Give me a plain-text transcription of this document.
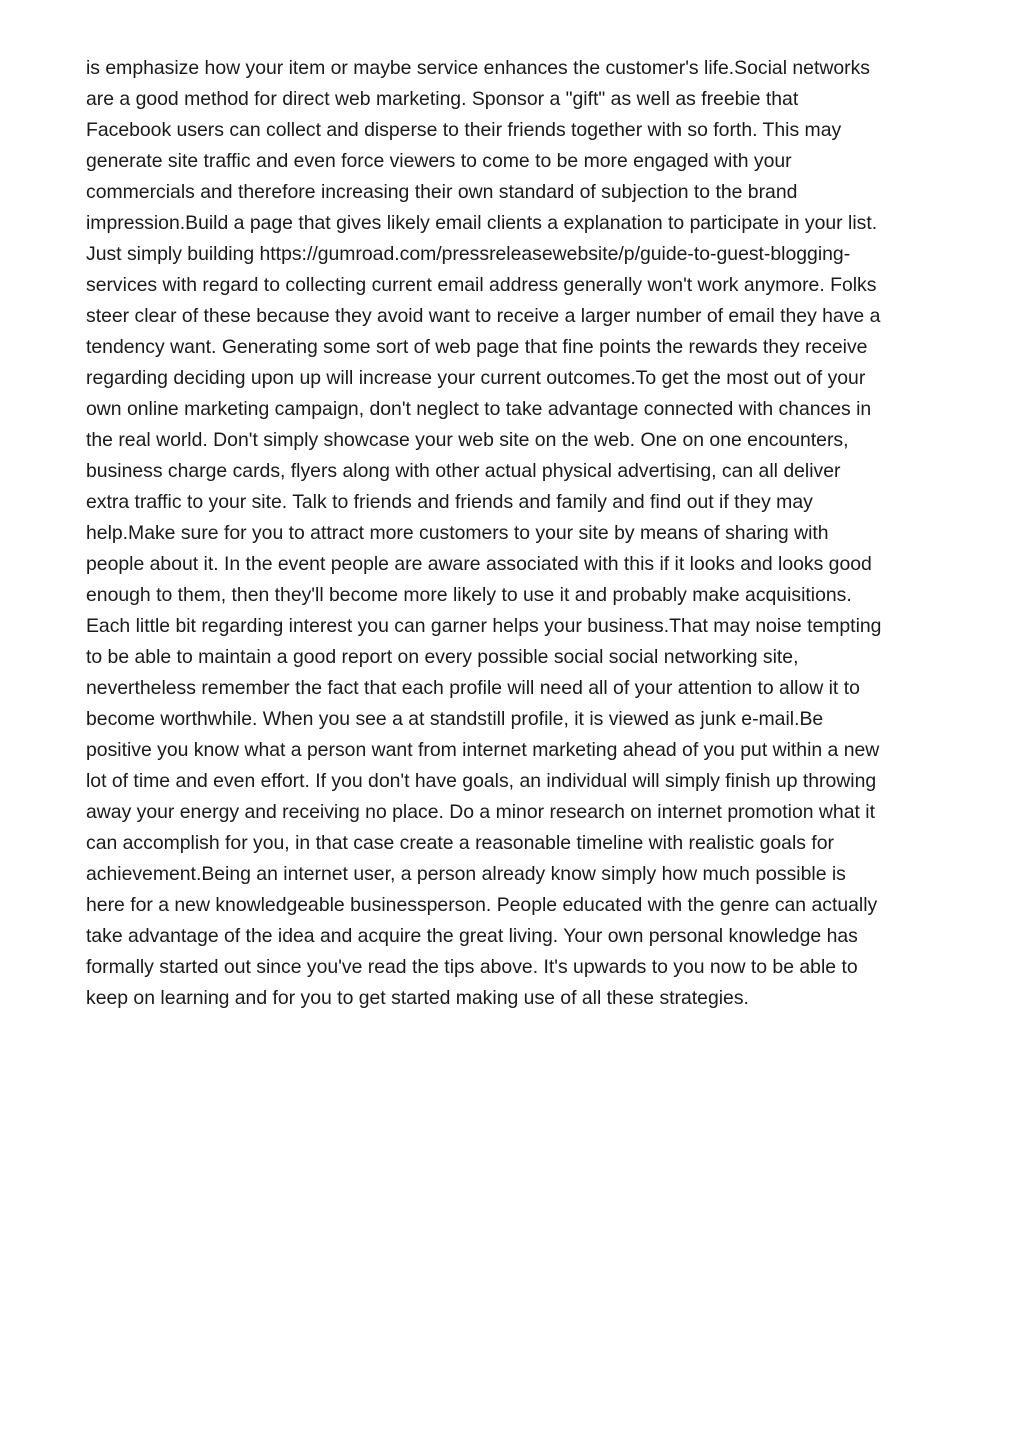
is emphasize how your item or maybe service enhances the customer's life.Social networks
are a good method for direct web marketing. Sponsor a "gift" as well as freebie that
Facebook users can collect and disperse to their friends together with so forth. This may
generate site traffic and even force viewers to come to be more engaged with your
commercials and therefore increasing their own standard of subjection to the brand
impression.Build a page that gives likely email clients a explanation to participate in your list.
Just simply building https://gumroad.com/pressreleasewebsite/p/guide-to-guest-blogging-
services with regard to collecting current email address generally won't work anymore. Folks
steer clear of these because they avoid want to receive a larger number of email they have a
tendency want. Generating some sort of web page that fine points the rewards they receive
regarding deciding upon up will increase your current outcomes.To get the most out of your
own online marketing campaign, don't neglect to take advantage connected with chances in
the real world. Don't simply showcase your web site on the web. One on one encounters,
business charge cards, flyers along with other actual physical advertising, can all deliver
extra traffic to your site. Talk to friends and friends and family and find out if they may
help.Make sure for you to attract more customers to your site by means of sharing with
people about it. In the event people are aware associated with this if it looks and looks good
enough to them, then they'll become more likely to use it and probably make acquisitions.
Each little bit regarding interest you can garner helps your business.That may noise tempting
to be able to maintain a good report on every possible social social networking site,
nevertheless remember the fact that each profile will need all of your attention to allow it to
become worthwhile. When you see a at standstill profile, it is viewed as junk e-mail.Be
positive you know what a person want from internet marketing ahead of you put within a new
lot of time and even effort. If you don't have goals, an individual will simply finish up throwing
away your energy and receiving no place. Do a minor research on internet promotion what it
can accomplish for you, in that case create a reasonable timeline with realistic goals for
achievement.Being an internet user, a person already know simply how much possible is
here for a new knowledgeable businessperson. People educated with the genre can actually
take advantage of the idea and acquire the great living. Your own personal knowledge has
formally started out since you've read the tips above. It's upwards to you now to be able to
keep on learning and for you to get started making use of all these strategies.
